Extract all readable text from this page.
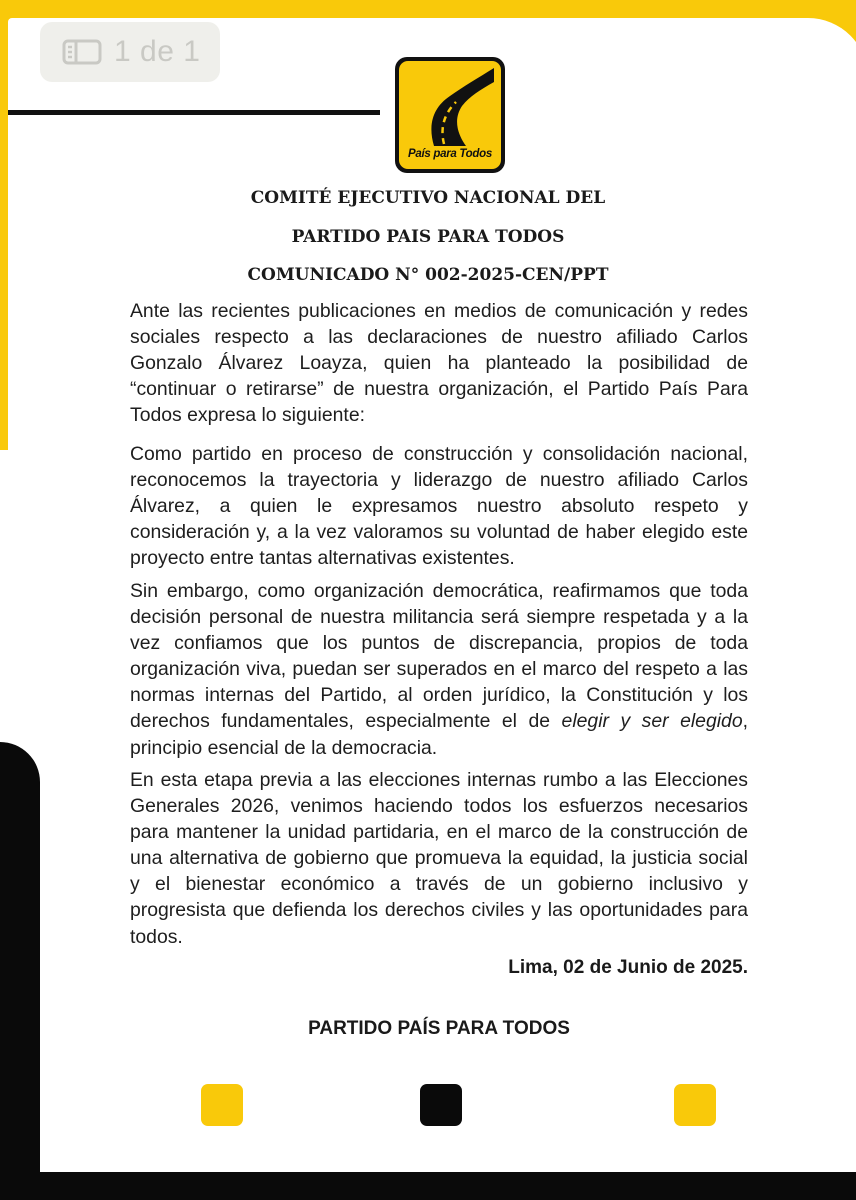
1 de 1
País para Todos
COMITÉ EJECUTIVO NACIONAL DEL
PARTIDO PAIS PARA TODOS
COMUNICADO N° 002-2025-CEN/PPT

Ante las recientes publicaciones en medios de comunicación y redes sociales respecto a las declaraciones de nuestro afiliado Carlos Gonzalo Álvarez Loayza, quien ha planteado la posibilidad de “continuar o retirarse” de nuestra organización, el Partido País Para Todos expresa lo siguiente:

Como partido en proceso de construcción y consolidación nacional, reconocemos la trayectoria y liderazgo de nuestro afiliado Carlos Álvarez, a quien le expresamos nuestro absoluto respeto y consideración y, a la vez valoramos su voluntad de haber elegido este proyecto entre tantas alternativas existentes.

Sin embargo, como organización democrática, reafirmamos que toda decisión personal de nuestra militancia será siempre respetada y a la vez confiamos que los puntos de discrepancia, propios de toda organización viva, puedan ser superados en el marco del respeto a las normas internas del Partido, al orden jurídico, la Constitución y los derechos fundamentales, especialmente el de elegir y ser elegido, principio esencial de la democracia.

En esta etapa previa a las elecciones internas rumbo a las Elecciones Generales 2026, venimos haciendo todos los esfuerzos necesarios para mantener la unidad partidaria, en el marco de la construcción de una alternativa de gobierno que promueva la equidad, la justicia social y el bienestar económico a través de un gobierno inclusivo y progresista que defienda los derechos civiles y las oportunidades para todos.

Lima, 02 de Junio de 2025.
PARTIDO PAÍS PARA TODOS
